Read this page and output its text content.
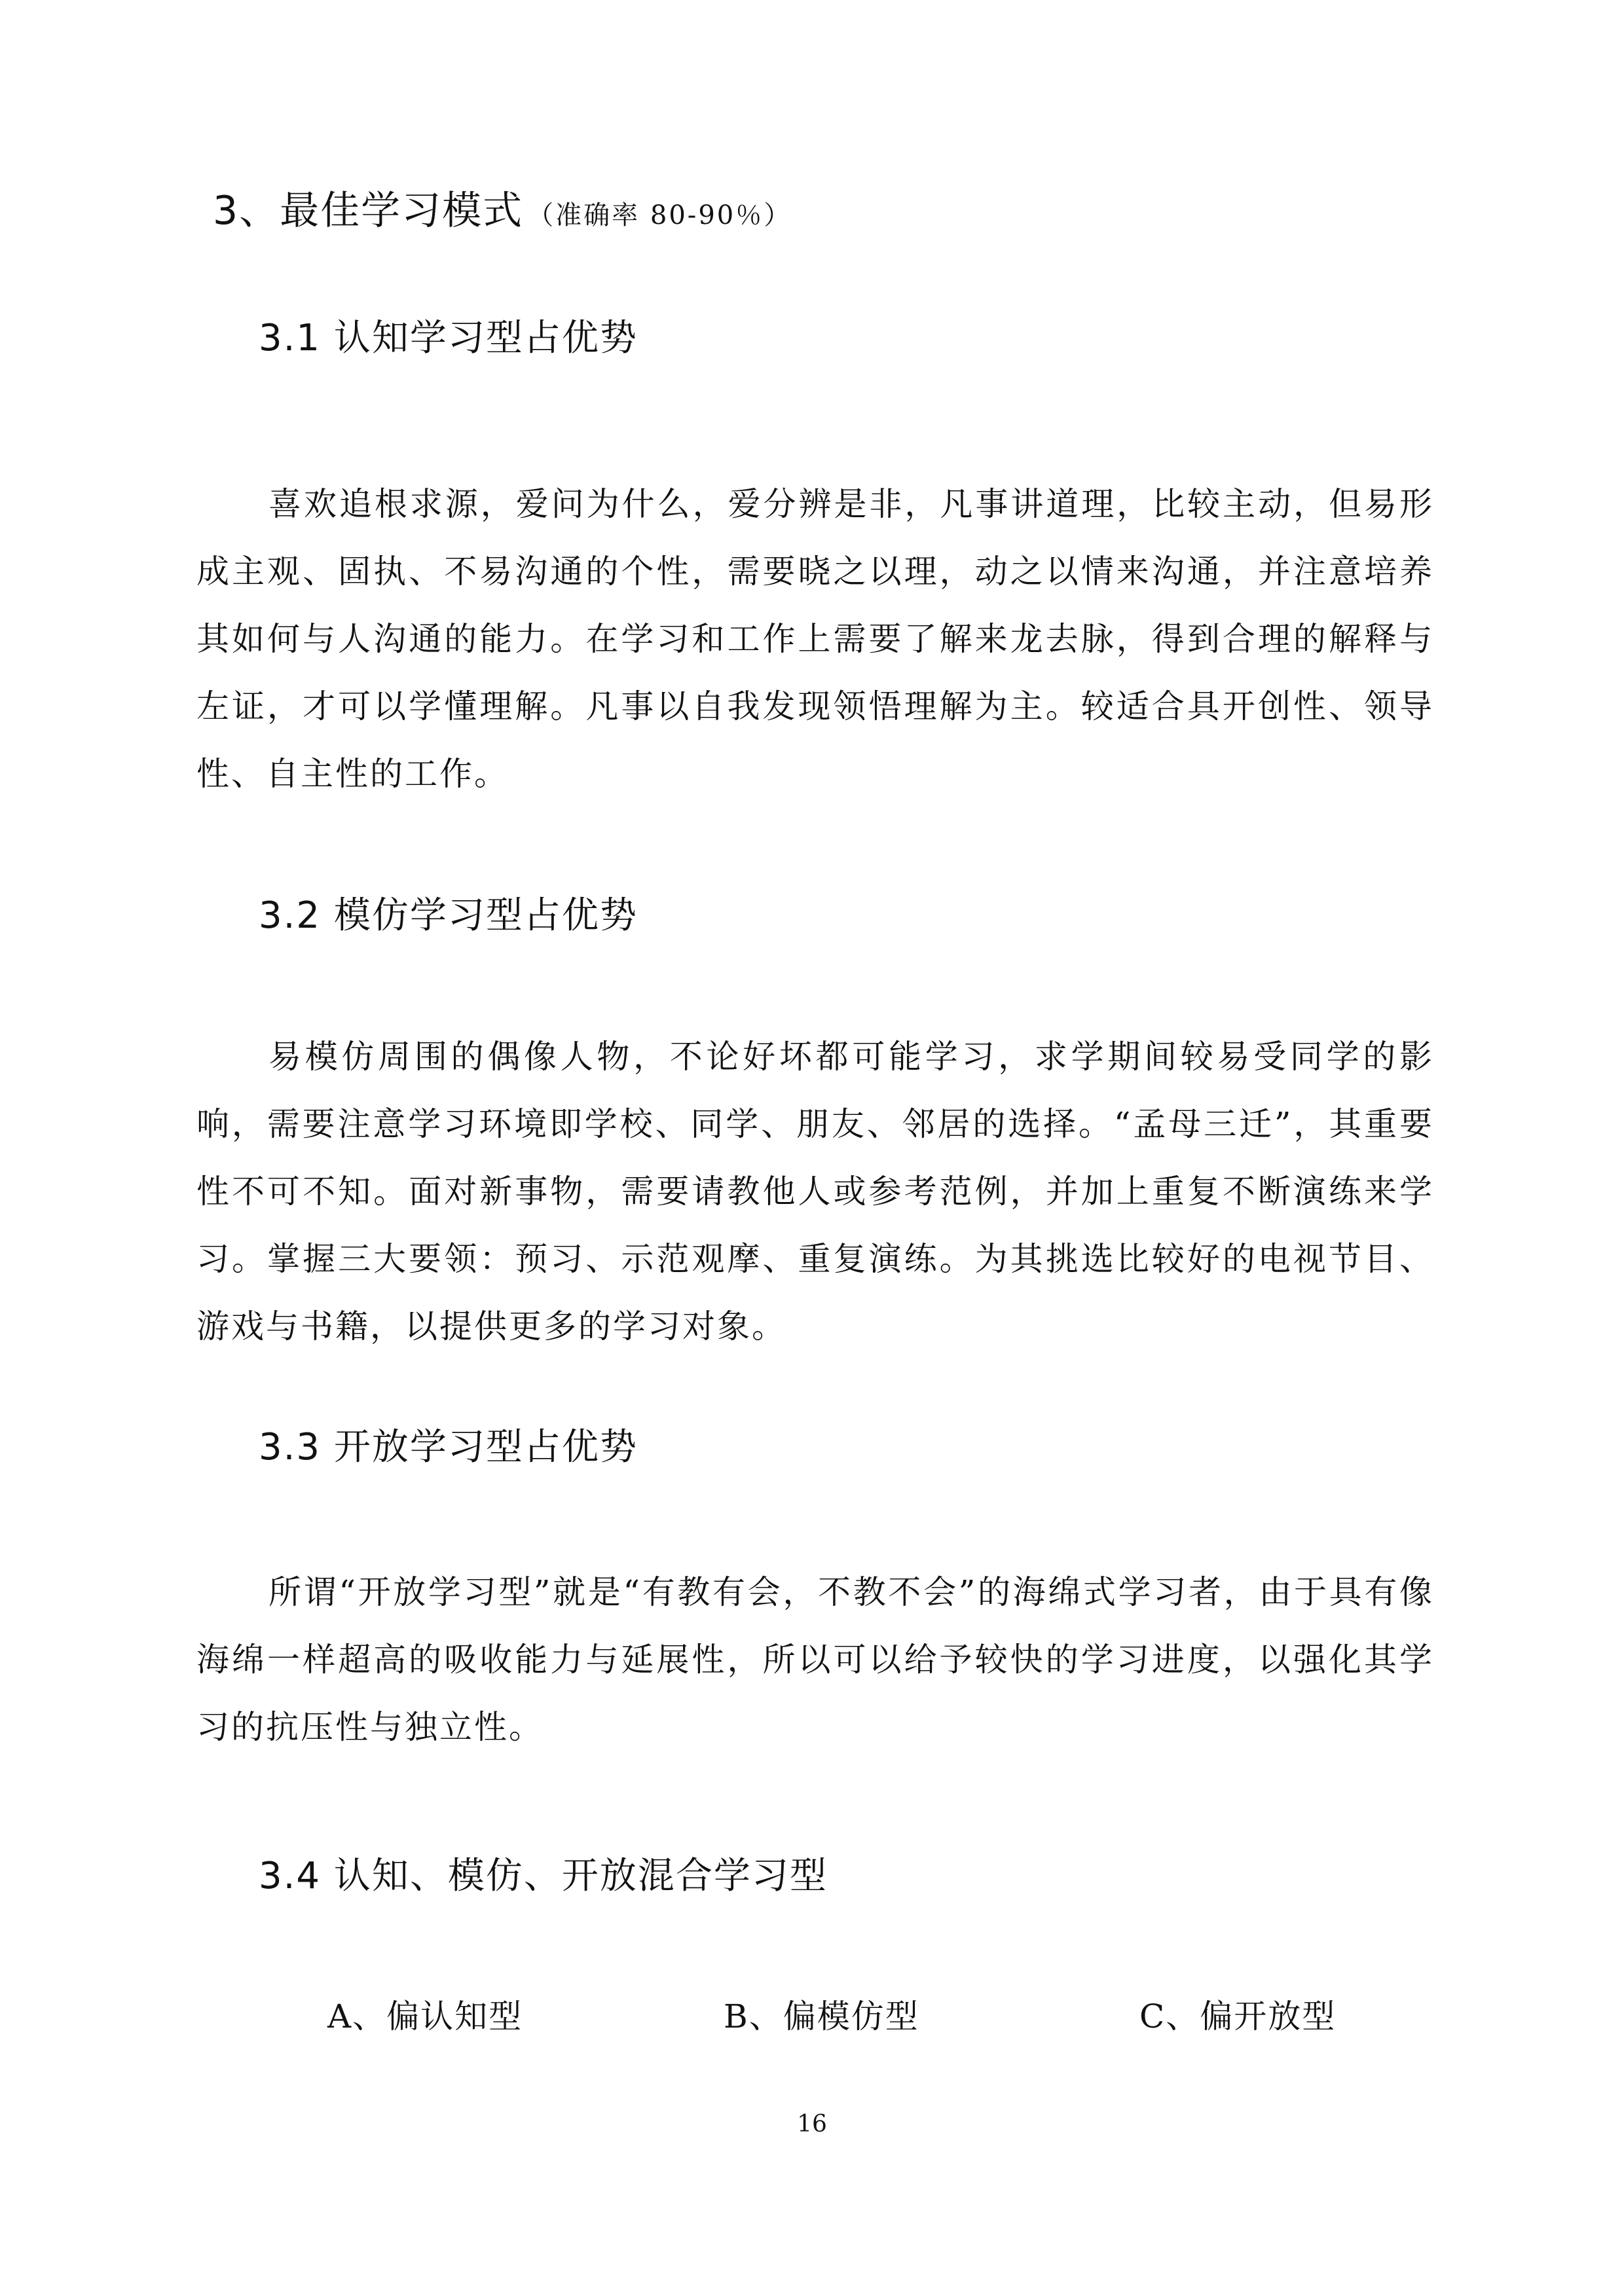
3、最佳学习模式 （准确率 80-90％）
3.1 认知学习型占优势
喜欢追根求源，爱问为什么，爱分辨是非，凡事讲道理，比较主动，但易形成主观、固执、不易沟通的个性，需要晓之以理，动之以情来沟通，并注意培养其如何与人沟通的能力。在学习和工作上需要了解来龙去脉，得到合理的解释与左证，才可以学懂理解。凡事以自我发现领悟理解为主。较适合具开创性、领导性、自主性的工作。
3.2 模仿学习型占优势
易模仿周围的偶像人物，不论好坏都可能学习，求学期间较易受同学的影响，需要注意学习环境即学校、同学、朋友、邻居的选择。“孟母三迁”，其重要性不可不知。面对新事物，需要请教他人或参考范例，并加上重复不断演练来学习。掌握三大要领：预习、示范观摩、重复演练。为其挑选比较好的电视节目、游戏与书籍，以提供更多的学习对象。
3.3 开放学习型占优势
所谓“开放学习型”就是“有教有会，不教不会”的海绵式学习者，由于具有像海绵一样超高的吸收能力与延展性，所以可以给予较快的学习进度，以强化其学习的抗压性与独立性。
3.4 认知、模仿、开放混合学习型
A、偏认知型	B、偏模仿型	C、偏开放型
16
